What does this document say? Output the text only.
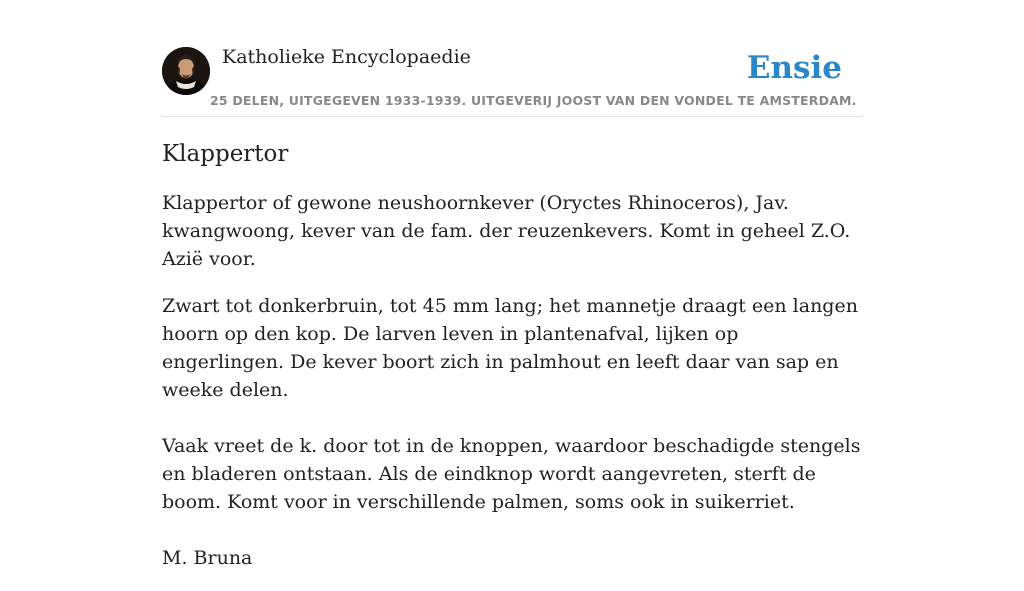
Katholieke Encyclopaedie	Ensie
25 DELEN, UITGEGEVEN 1933-1939. UITGEVERIJ JOOST VAN DEN VONDEL TE AMSTERDAM.
Klappertor

Klappertor of gewone neushoornkever (Oryctes Rhinoceros), Jav. kwangwoong, kever van de fam. der reuzenkevers. Komt in geheel Z.O. Azië voor.

Zwart tot donkerbruin, tot 45 mm lang; het mannetje draagt een langen hoorn op den kop. De larven leven in plantenafval, lijken op engerlingen. De kever boort zich in palmhout en leeft daar van sap en weeke delen.

Vaak vreet de k. door tot in de knoppen, waardoor beschadigde stengels en bladeren ontstaan. Als de eindknop wordt aangevreten, sterft de boom. Komt voor in verschillende palmen, soms ook in suikerriet.

M. Bruna
